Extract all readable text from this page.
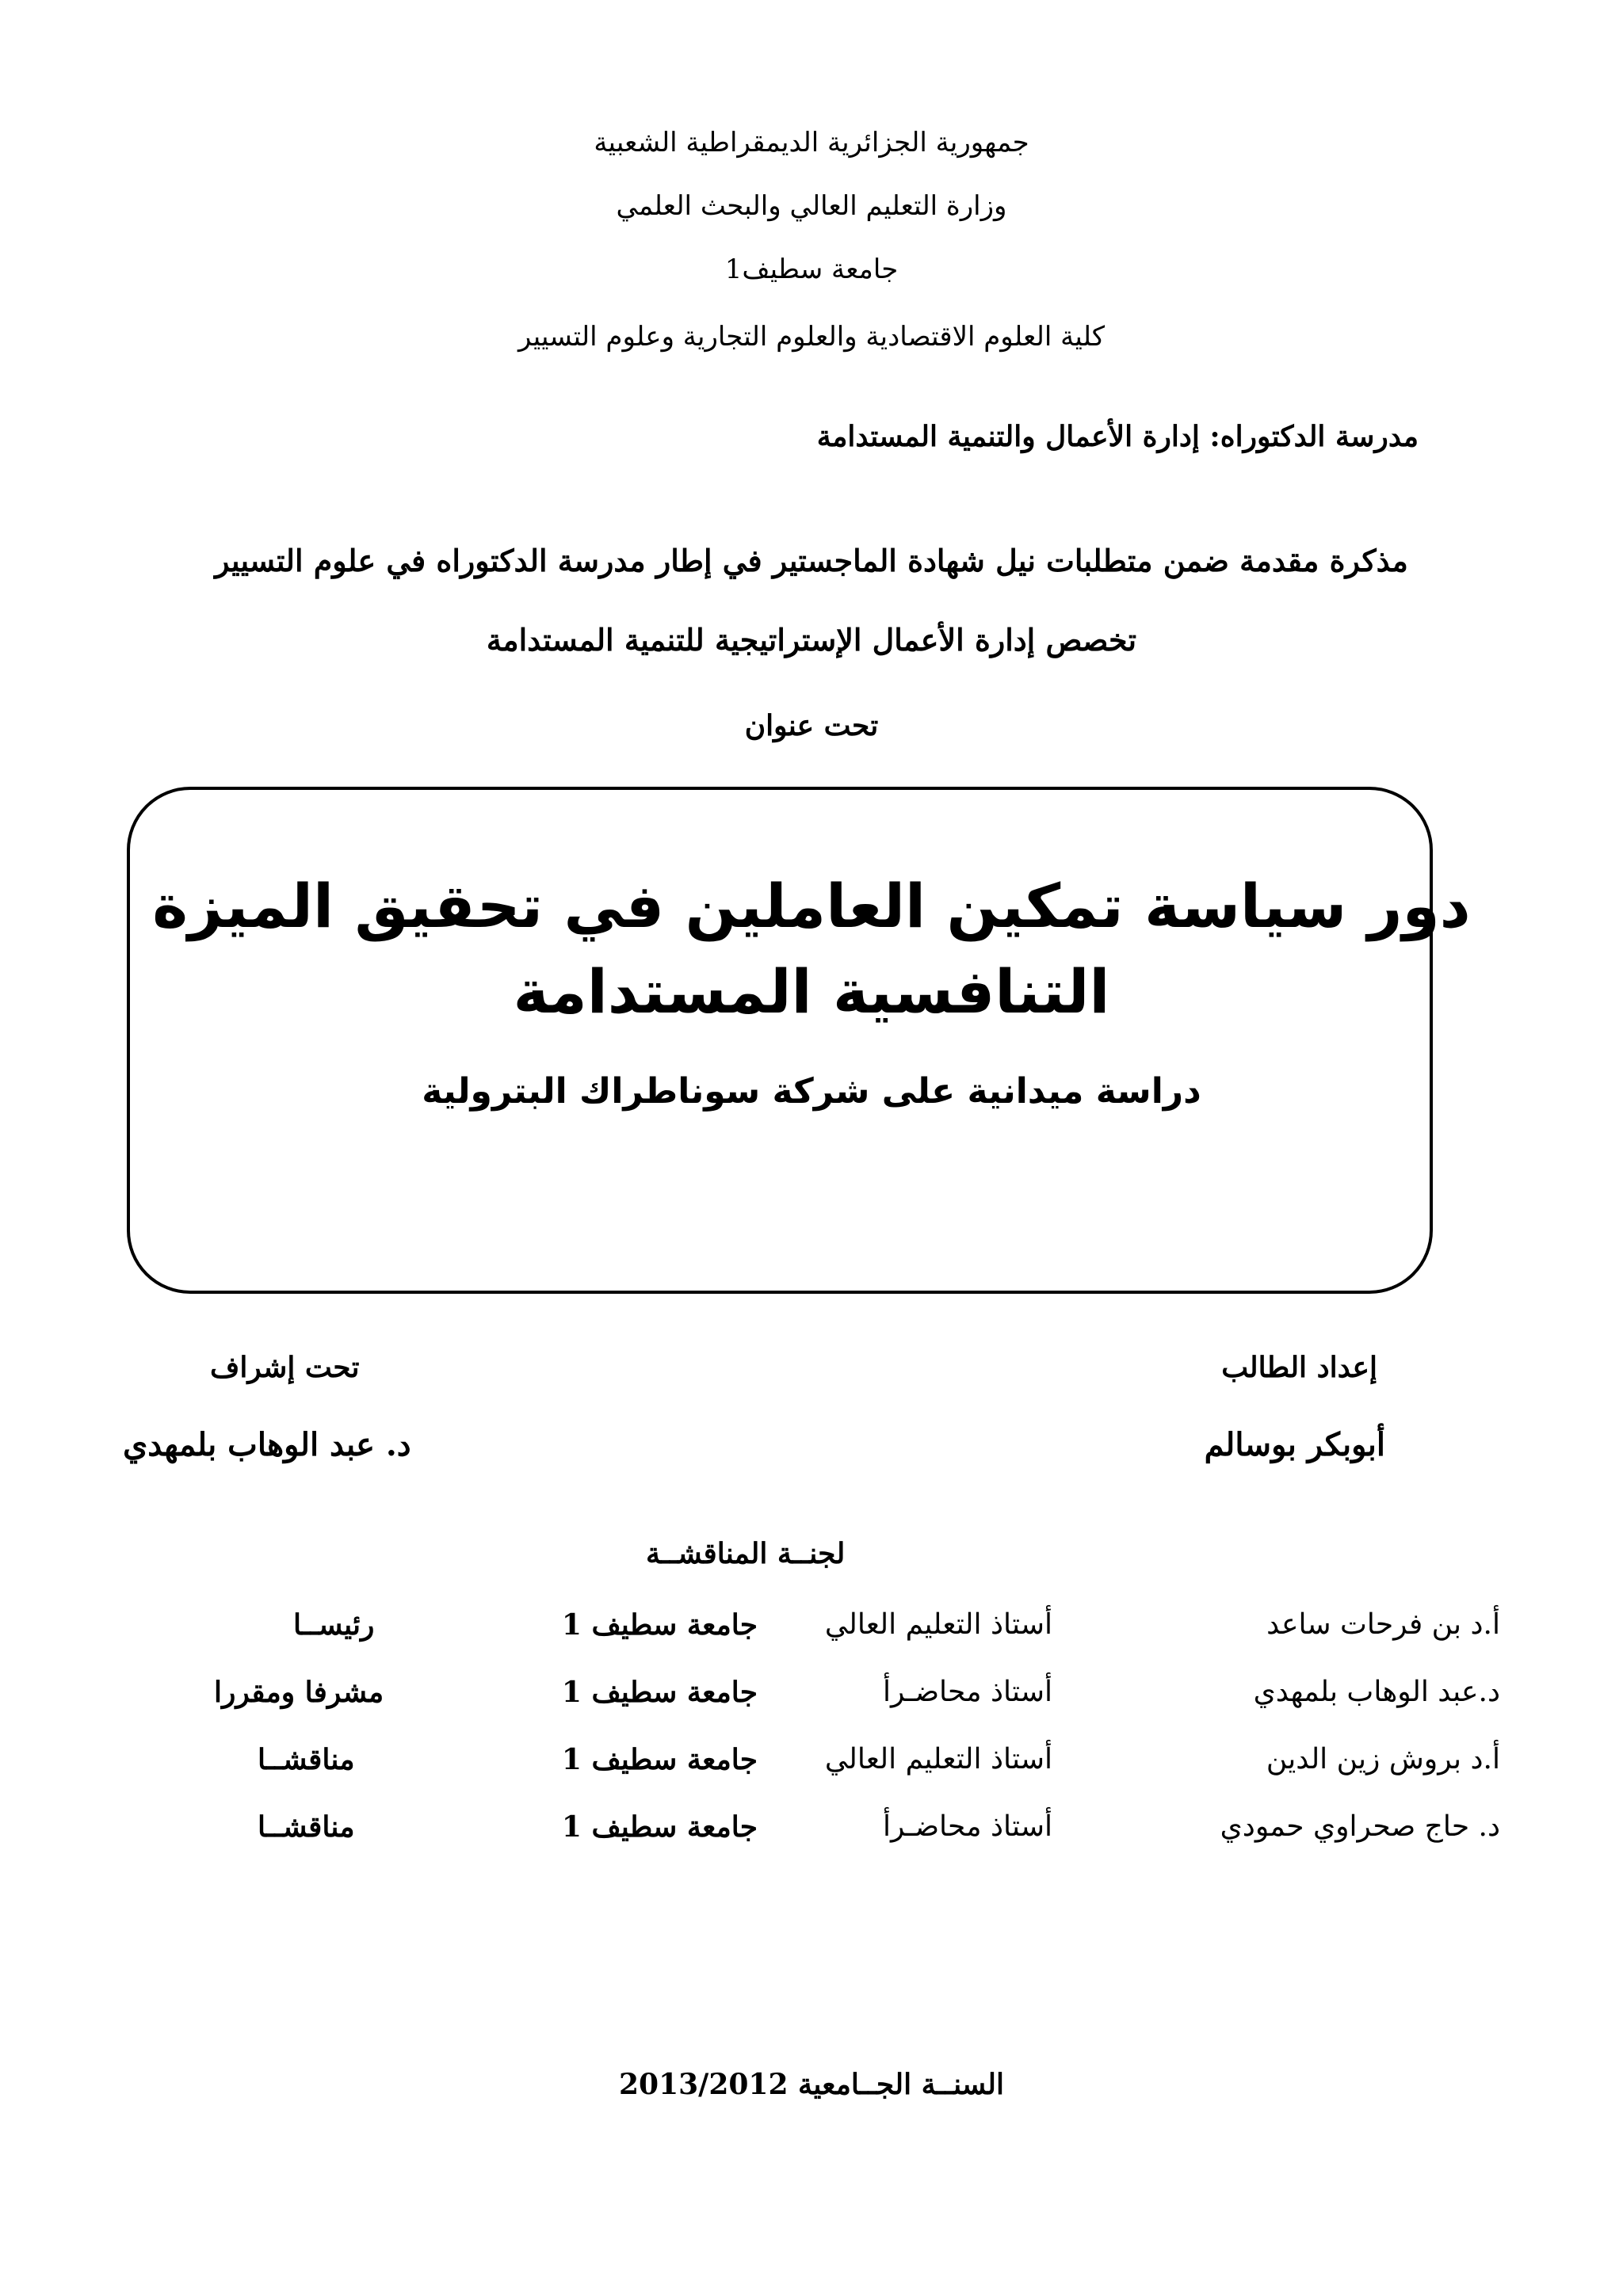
جمهورية الجزائرية الديمقراطية الشعبية
وزارة التعليم العالي والبحث العلمي
جامعة سطيف1
كلية العلوم الاقتصادية والعلوم التجارية وعلوم التسيير
مدرسة الدكتوراه: إدارة الأعمال والتنمية المستدامة
مذكرة مقدمة ضمن متطلبات نيل شهادة الماجستير في إطار مدرسة الدكتوراه في علوم التسيير
تخصص إدارة الأعمال الإستراتيجية للتنمية المستدامة
تحت عنوان
دور سياسة تمكين العاملين في تحقيق الميزة
التنافسية المستدامة
دراسة ميدانية على شركة سوناطراك البترولية
إعداد الطالب
أبوبكر بوسالم
تحت إشراف
د. عبد الوهاب بلمهدي
لجنــة المناقشــة
أ.د بن فرحات ساعد
أستاذ التعليم العالي
جامعة سطيف 1
رئيســا
د.عبد الوهاب بلمهدي
أستاذ محاضـرأ
جامعة سطيف 1
مشرفا ومقررا
أ.د بروش زين الدين
أستاذ التعليم العالي
جامعة سطيف 1
مناقشــا
د. حاج صحراوي حمودي
أستاذ محاضـرأ
جامعة سطيف 1
مناقشــا
السنــة الجــامعية 2013/2012
